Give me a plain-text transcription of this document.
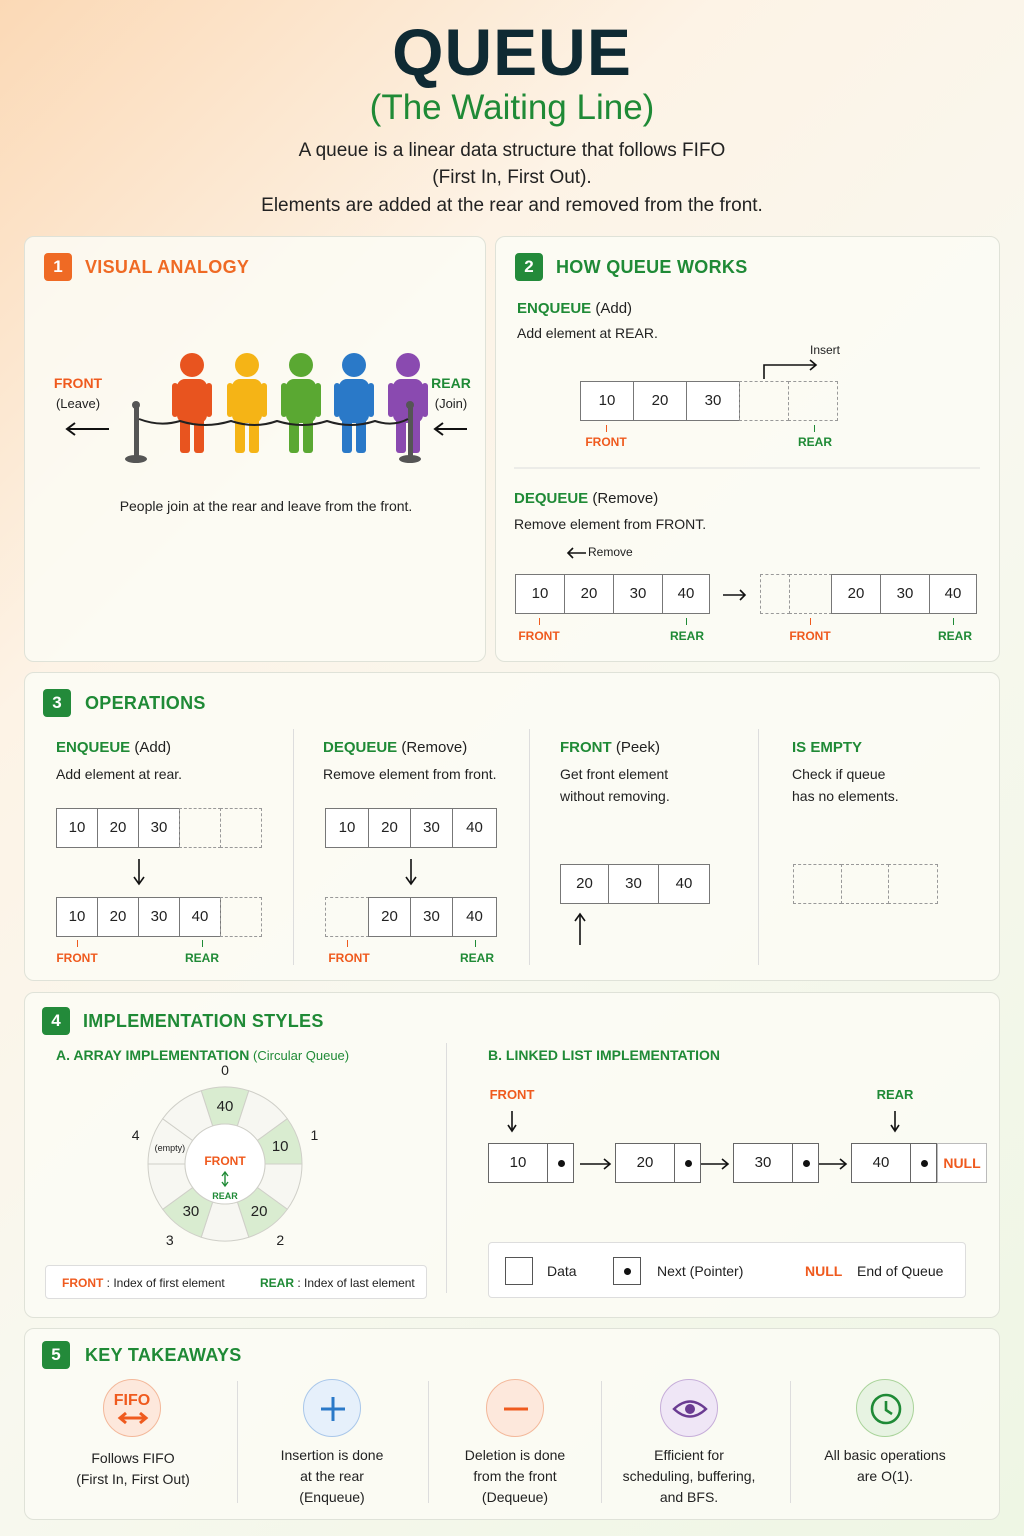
QUEUE
(The Waiting Line)
A queue is a linear data structure that follows FIFO
(First In, First Out).
Elements are added at the rear and removed from the front.
1	VISUAL ANALOGY
FRONT
(Leave)
REAR
(Join)
People join at the rear and leave from the front.
2	HOW QUEUE WORKS
ENQUEUE (Add)
Add element at REAR.
Insert
10	20	30
FRONT	REAR
DEQUEUE (Remove)
Remove element from FRONT.
Remove
10	20	30	40
FRONT	REAR
20	30	40
FRONT	REAR
3	OPERATIONS
ENQUEUE (Add)
Add element at rear.
10	20	30
10	20	30	40
FRONT	REAR
DEQUEUE (Remove)
Remove element from front.
10	20	30	40
20	30	40
FRONT	REAR
FRONT (Peek)
Get front element
without removing.
20	30	40
IS EMPTY
Check if queue
has no elements.
4	IMPLEMENTATION STYLES
A. ARRAY IMPLEMENTATION (Circular Queue)
40
0
10
1
20
2
30
3
(empty)
4
FRONT
REAR
FRONT : Index of first element	REAR : Index of last element
B. LINKED LIST IMPLEMENTATION
FRONT	REAR
10	20	30	40	NULL
Data	Next (Pointer)	NULL End of Queue
5	KEY TAKEAWAYS
FIFO
Follows FIFO
(First In, First Out)
Insertion is done
at the rear
(Enqueue)
Deletion is done
from the front
(Dequeue)
Efficient for
scheduling, buffering,
and BFS.
All basic operations
are O(1).
